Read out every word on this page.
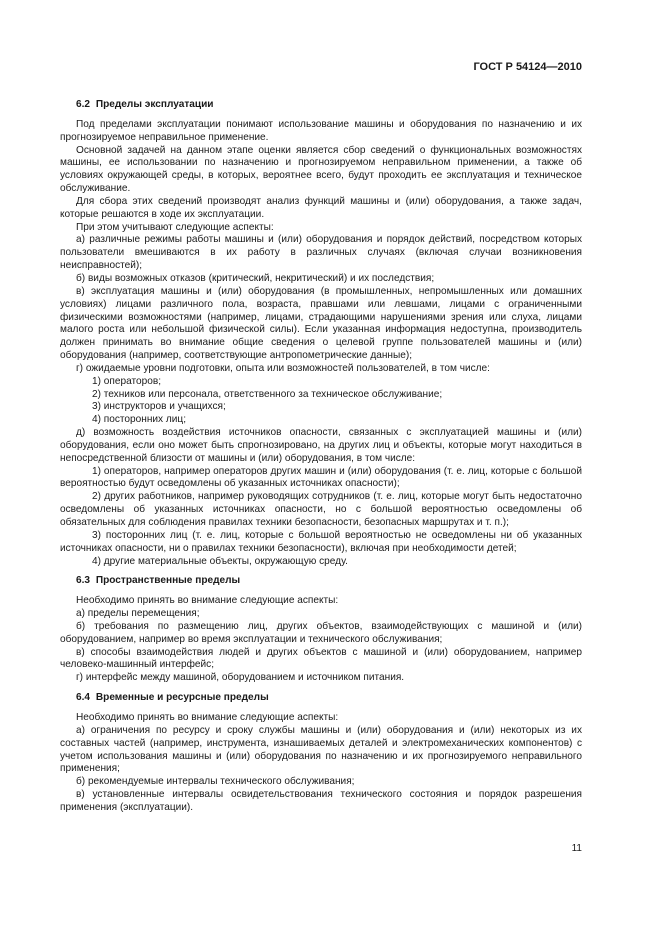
ГОСТ Р 54124—2010
6.2 Пределы эксплуатации

Под пределами эксплуатации понимают использование машины и оборудования по назначению и их прогнозируемое неправильное применение.

Основной задачей на данном этапе оценки является сбор сведений о функциональных возможностях машины, ее использовании по назначению и прогнозируемом неправильном применении, а также об условиях окружающей среды, в которых, вероятнее всего, будут проходить ее эксплуатация и техническое обслуживание.

Для сбора этих сведений производят анализ функций машины и (или) оборудования, а также задач, которые решаются в ходе их эксплуатации.

При этом учитывают следующие аспекты:

а) различные режимы работы машины и (или) оборудования и порядок действий, посредством которых пользователи вмешиваются в их работу в различных случаях (включая случаи возникновения неисправностей);

б) виды возможных отказов (критический, некритический) и их последствия;

в) эксплуатация машины и (или) оборудования (в промышленных, непромышленных или домашних условиях) лицами различного пола, возраста, правшами или левшами, лицами с ограниченными физическими возможностями (например, лицами, страдающими нарушениями зрения или слуха, лицами малого роста или небольшой физической силы). Если указанная информация недоступна, производитель должен принимать во внимание общие сведения о целевой группе пользователей машины и (или) оборудования (например, соответствующие антропометрические данные);

г) ожидаемые уровни подготовки, опыта или возможностей пользователей, в том числе:

1) операторов;

2) техников или персонала, ответственного за техническое обслуживание;

3) инструкторов и учащихся;

4) посторонних лиц;

д) возможность воздействия источников опасности, связанных с эксплуатацией машины и (или) оборудования, если оно может быть спрогнозировано, на других лиц и объекты, которые могут находиться в непосредственной близости от машины и (или) оборудования, в том числе:

1) операторов, например операторов других машин и (или) оборудования (т. е. лиц, которые с большой вероятностью будут осведомлены об указанных источниках опасности);

2) других работников, например руководящих сотрудников (т. е. лиц, которые могут быть недостаточно осведомлены об указанных источниках опасности, но с большой вероятностью осведомлены об обязательных для соблюдения правилах техники безопасности, безопасных маршрутах и т. п.);

3) посторонних лиц (т. е. лиц, которые с большой вероятностью не осведомлены ни об указанных источниках опасности, ни о правилах техники безопасности), включая при необходимости детей;

4) другие материальные объекты, окружающую среду.

6.3 Пространственные пределы

Необходимо принять во внимание следующие аспекты:

а) пределы перемещения;

б) требования по размещению лиц, других объектов, взаимодействующих с машиной и (или) оборудованием, например во время эксплуатации и технического обслуживания;

в) способы взаимодействия людей и других объектов с машиной и (или) оборудованием, например человеко-машинный интерфейс;

г) интерфейс между машиной, оборудованием и источником питания.

6.4 Временные и ресурсные пределы

Необходимо принять во внимание следующие аспекты:

а) ограничения по ресурсу и сроку службы машины и (или) оборудования и (или) некоторых из их составных частей (например, инструмента, изнашиваемых деталей и электромеханических компонентов) с учетом использования машины и (или) оборудования по назначению и их прогнозируемого неправильного применения;

б) рекомендуемые интервалы технического обслуживания;

в) установленные интервалы освидетельствования технического состояния и порядок разрешения применения (эксплуатации).

11
